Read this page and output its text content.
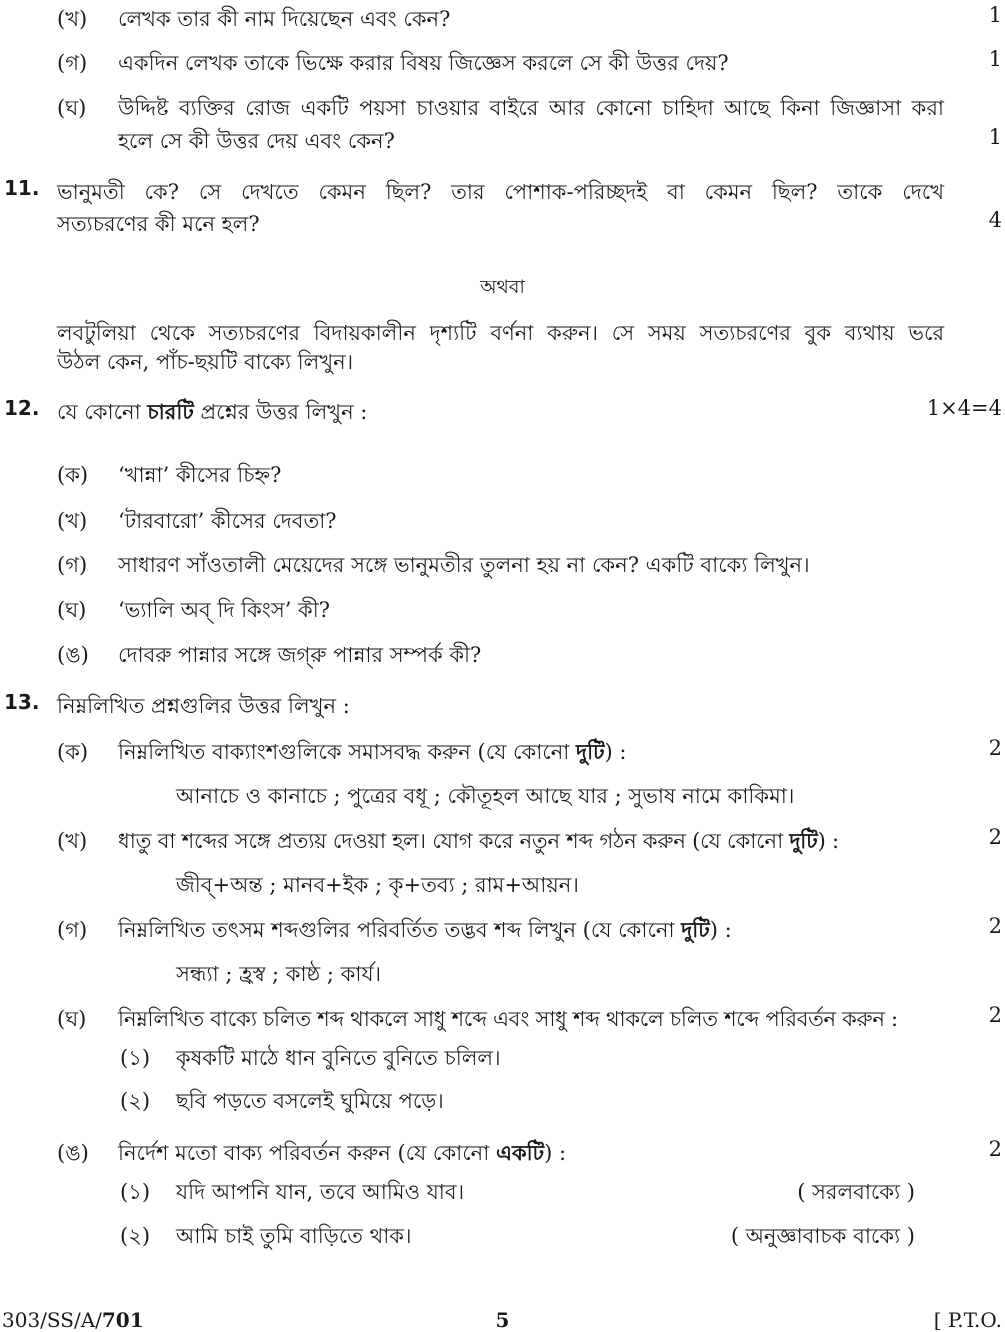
(খ) লেখক তার কী নাম দিয়েছেন এবং কেন?	1
(গ) একদিন লেখক তাকে ভিক্ষে করার বিষয় জিজ্ঞেস করলে সে কী উত্তর দেয়?	1
(ঘ) উদ্দিষ্ট ব্যক্তির রোজ একটি পয়সা চাওয়ার বাইরে আর কোনো চাহিদা আছে কিনা জিজ্ঞাসা করা
হলে সে কী উত্তর দেয় এবং কেন?	1
11. ভানুমতী কে? সে দেখতে কেমন ছিল? তার পোশাক-পরিচ্ছদই বা কেমন ছিল? তাকে দেখে
সত্যচরণের কী মনে হল?	4
অথবা
লবটুলিয়া থেকে সত্যচরণের বিদায়কালীন দৃশ্যটি বর্ণনা করুন। সে সময় সত্যচরণের বুক ব্যথায় ভরে
উঠল কেন, পাঁচ-ছয়টি বাক্যে লিখুন।
12. যে কোনো চারটি প্রশ্নের উত্তর লিখুন :	1×4=4
(ক) ‘খান্না’ কীসের চিহ্ন?
(খ) ‘টারবারো’ কীসের দেবতা?
(গ) সাধারণ সাঁওতালী মেয়েদের সঙ্গে ভানুমতীর তুলনা হয় না কেন? একটি বাক্যে লিখুন।
(ঘ) ‘ভ্যালি অব্ দি কিংস’ কী?
(ঙ) দোবরু পান্নার সঙ্গে জগ্‌রু পান্নার সম্পর্ক কী?
13. নিম্নলিখিত প্রশ্নগুলির উত্তর লিখুন :
(ক) নিম্নলিখিত বাক্যাংশগুলিকে সমাসবদ্ধ করুন (যে কোনো দুটি) :	2
আনাচে ও কানাচে ; পুত্রের বধূ ; কৌতূহল আছে যার ; সুভাষ নামে কাকিমা।
(খ) ধাতু বা শব্দের সঙ্গে প্রত্যয় দেওয়া হল। যোগ করে নতুন শব্দ গঠন করুন (যে কোনো দুটি) :	2
জীব্+অন্ত ; মানব+ইক ; কৃ+তব্য ; রাম+আয়ন।
(গ) নিম্নলিখিত তৎসম শব্দগুলির পরিবর্তিত তদ্ভব শব্দ লিখুন (যে কোনো দুটি) :	2
সন্ধ্যা ; হ্রস্ব ; কাষ্ঠ ; কার্য।
(ঘ) নিম্নলিখিত বাক্যে চলিত শব্দ থাকলে সাধু শব্দে এবং সাধু শব্দ থাকলে চলিত শব্দে পরিবর্তন করুন :	2
(১) কৃষকটি মাঠে ধান বুনিতে বুনিতে চলিল।
(২) ছবি পড়তে বসলেই ঘুমিয়ে পড়ে।
(ঙ) নির্দেশ মতো বাক্য পরিবর্তন করুন (যে কোনো একটি) :	2
(১) যদি আপনি যান, তবে আমিও যাব।	( সরলবাক্যে )
(২) আমি চাই তুমি বাড়িতে থাক।	( অনুজ্ঞাবাচক বাক্যে )
303/SS/A/701	5	[ P.T.O.
